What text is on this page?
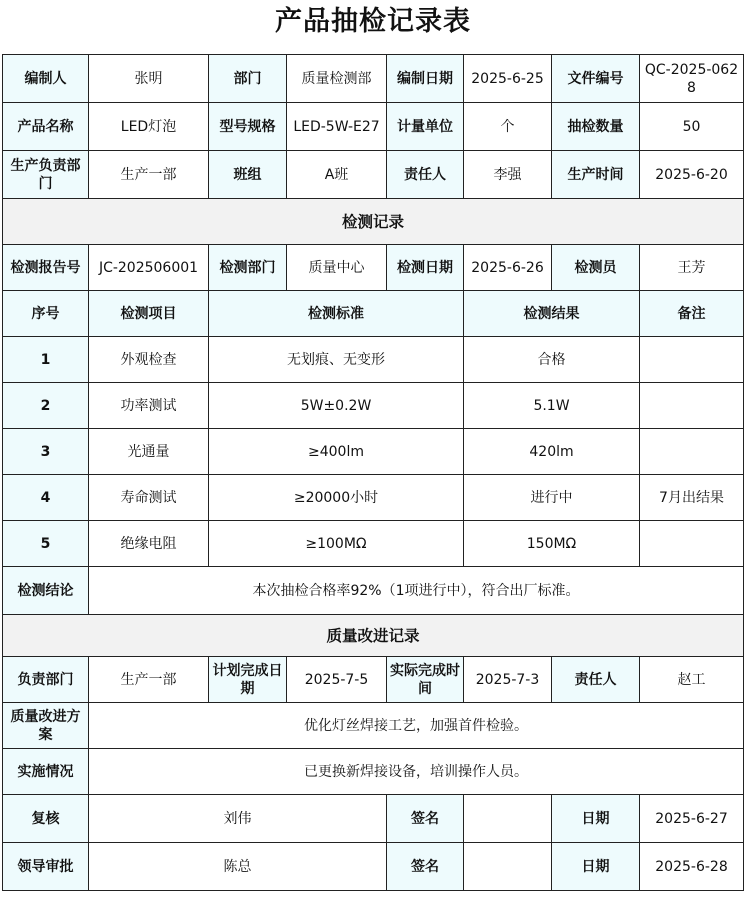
产品抽检记录表
编制人	张明	部门	质量检测部	编制日期	2025-6-25	文件编号	QC-2025-0628
产品名称	LED灯泡	型号规格	LED-5W-E27	计量单位	个	抽检数量	50
生产负责部门	生产一部	班组	A班	责任人	李强	生产时间	2025-6-20
检测记录							
检测报告号	JC-202506001	检测部门	质量中心	检测日期	2025-6-26	检测员	王芳
序号	检测项目	检测标准			检测结果		备注
1	外观检查	无划痕、无变形			合格		
2	功率测试	5W±0.2W			5.1W		
3	光通量	≥400lm			420lm		
4	寿命测试	≥20000小时			进行中		7月出结果
5	绝缘电阻	≥100MΩ			150MΩ		
检测结论	本次抽检合格率92%（1项进行中），符合出厂标准。						
质量改进记录							
负责部门	生产一部	计划完成日期	2025-7-5	实际完成时间	2025-7-3	责任人	赵工
质量改进方案	优化灯丝焊接工艺，加强首件检验。						
实施情况	已更换新焊接设备，培训操作人员。						
复核	刘伟			签名		日期	2025-6-27
领导审批	陈总			签名		日期	2025-6-28
